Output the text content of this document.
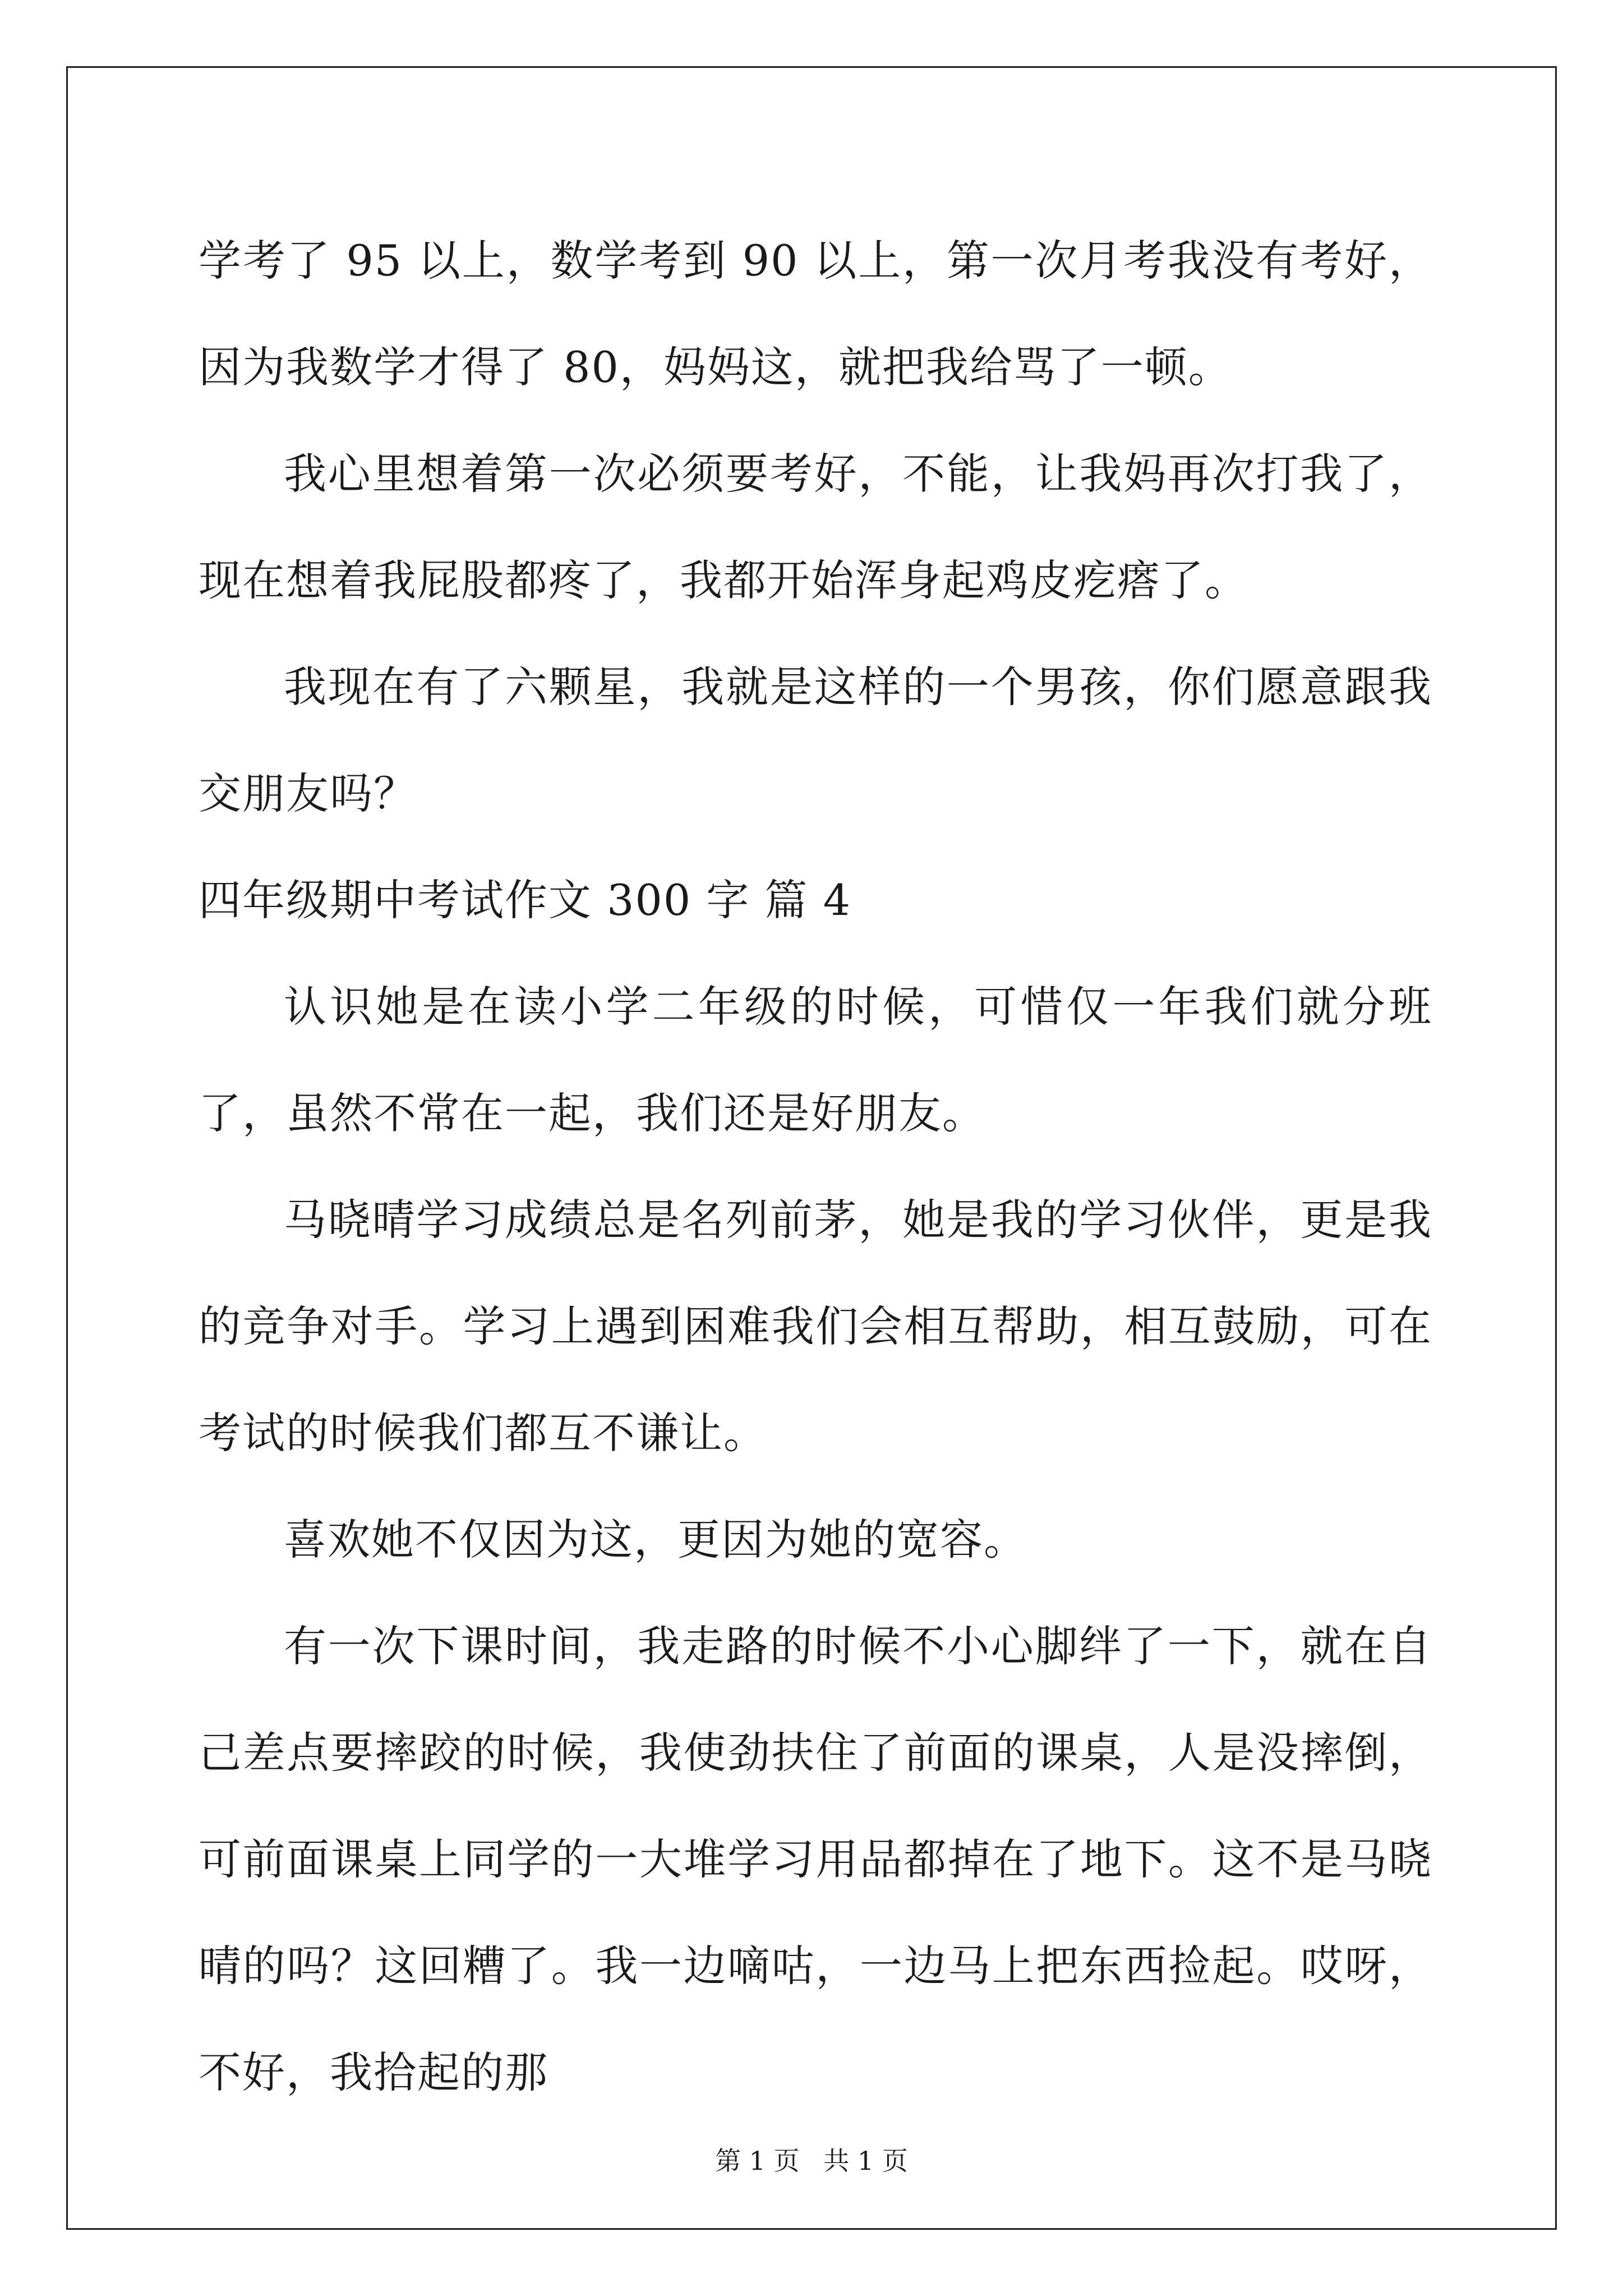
学考了 95 以上，数学考到 90 以上，第一次月考我没有考好，因为我数学才得了 80，妈妈这，就把我给骂了一顿。

我心里想着第一次必须要考好，不能，让我妈再次打我了，现在想着我屁股都疼了，我都开始浑身起鸡皮疙瘩了。

我现在有了六颗星，我就是这样的一个男孩，你们愿意跟我交朋友吗？

四年级期中考试作文 300 字 篇 4

认识她是在读小学二年级的时候，可惜仅一年我们就分班了，虽然不常在一起，我们还是好朋友。

马晓晴学习成绩总是名列前茅，她是我的学习伙伴，更是我的竞争对手。学习上遇到困难我们会相互帮助，相互鼓励，可在考试的时候我们都互不谦让。

喜欢她不仅因为这，更因为她的宽容。

有一次下课时间，我走路的时候不小心脚绊了一下，就在自己差点要摔跤的时候，我使劲扶住了前面的课桌，人是没摔倒，可前面课桌上同学的一大堆学习用品都掉在了地下。这不是马晓晴的吗？这回糟了。我一边嘀咕，一边马上把东西捡起。哎呀，不好，我拾起的那

第 1 页 共 1 页
